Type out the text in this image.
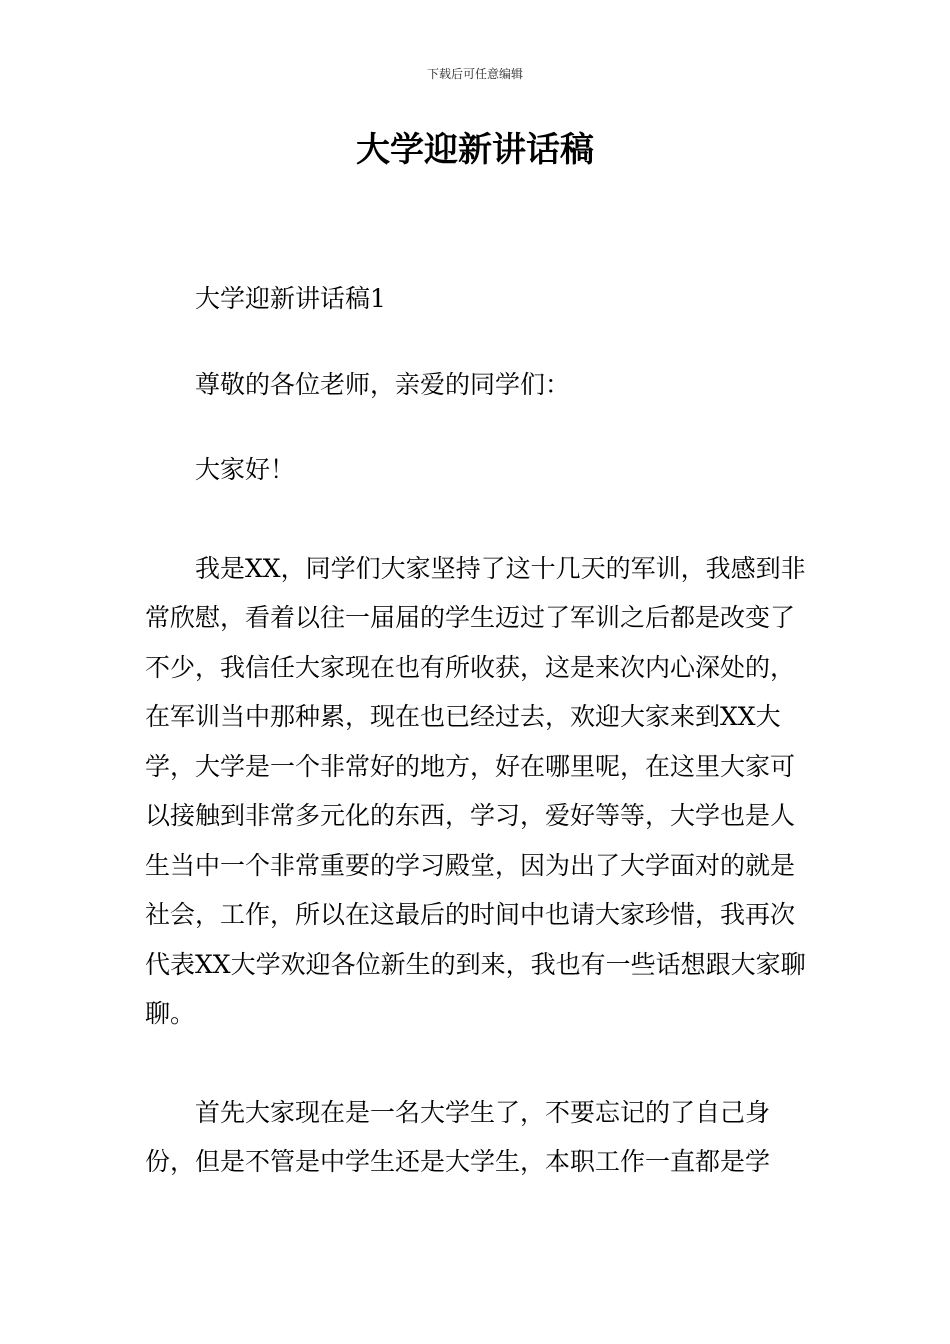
下载后可任意编辑
大学迎新讲话稿

大学迎新讲话稿1

尊敬的各位老师，亲爱的同学们：

大家好！

我是XX，同学们大家坚持了这十几天的军训，我感到非常欣慰，看着以往一届届的学生迈过了军训之后都是改变了不少，我信任大家现在也有所收获，这是来次内心深处的，在军训当中那种累，现在也已经过去，欢迎大家来到XX大学，大学是一个非常好的地方，好在哪里呢，在这里大家可以接触到非常多元化的东西，学习，爱好等等，大学也是人生当中一个非常重要的学习殿堂，因为出了大学面对的就是社会，工作，所以在这最后的时间中也请大家珍惜，我再次代表XX大学欢迎各位新生的到来，我也有一些话想跟大家聊聊。

首先大家现在是一名大学生了，不要忘记的了自己身份，但是不管是中学生还是大学生，本职工作一直都是学
